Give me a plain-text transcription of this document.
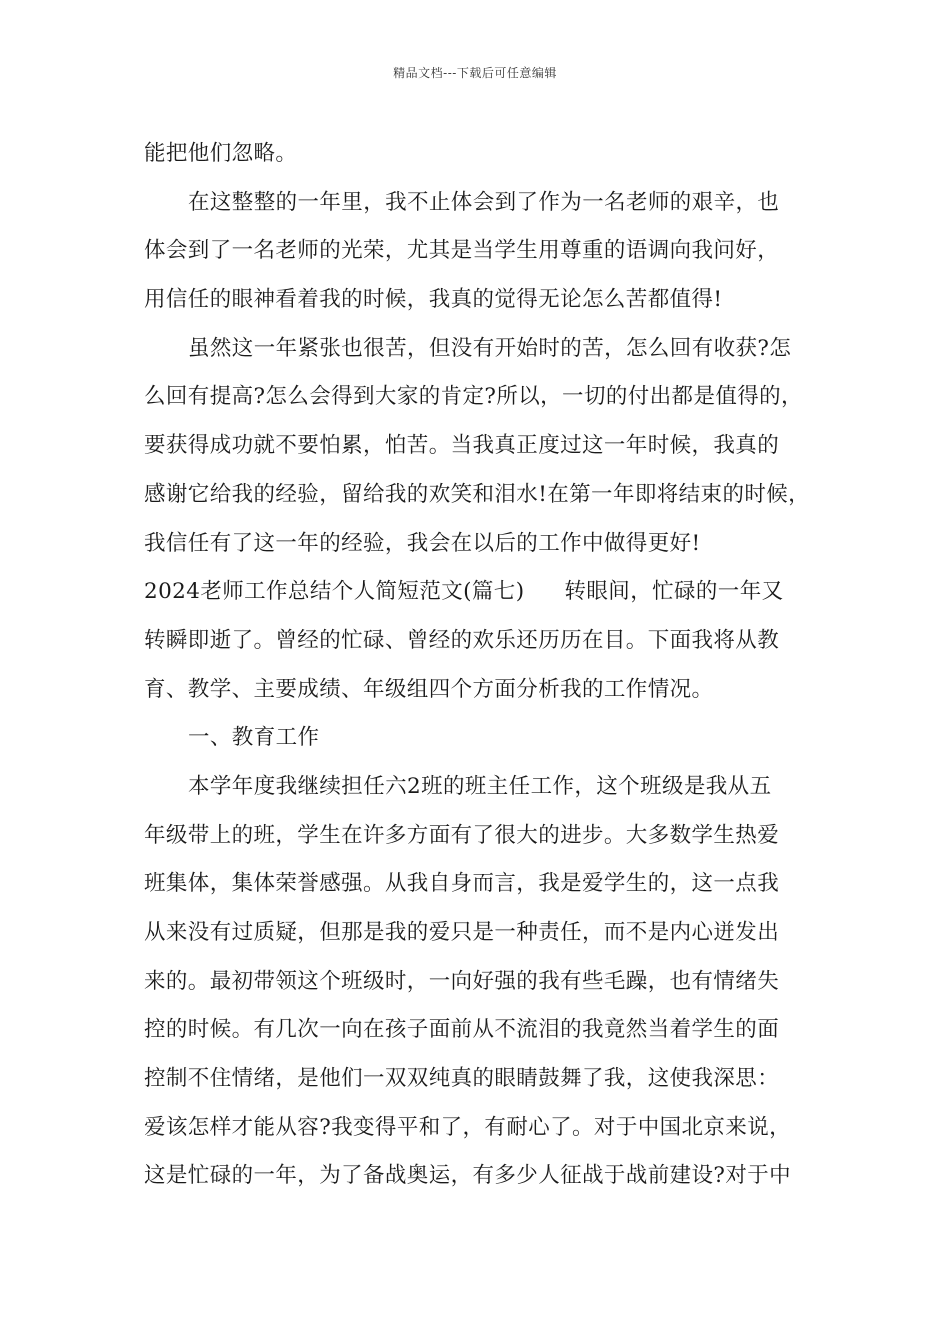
精品文档---下载后可任意编辑
能把他们忽略。
在这整整的一年里，我不止体会到了作为一名老师的艰辛，也
体会到了一名老师的光荣，尤其是当学生用尊重的语调向我问好，
用信任的眼神看着我的时候，我真的觉得无论怎么苦都值得!
虽然这一年紧张也很苦，但没有开始时的苦，怎么回有收获?怎
么回有提高?怎么会得到大家的肯定?所以，一切的付出都是值得的，
要获得成功就不要怕累，怕苦。当我真正度过这一年时候，我真的
感谢它给我的经验，留给我的欢笑和泪水!在第一年即将结束的时候，
我信任有了这一年的经验，我会在以后的工作中做得更好!
2024老师工作总结个人简短范文(篇七) 转眼间，忙碌的一年又
转瞬即逝了。曾经的忙碌、曾经的欢乐还历历在目。下面我将从教
育、教学、主要成绩、年级组四个方面分析我的工作情况。
一、教育工作
本学年度我继续担任六2班的班主任工作，这个班级是我从五
年级带上的班，学生在许多方面有了很大的进步。大多数学生热爱
班集体，集体荣誉感强。从我自身而言，我是爱学生的，这一点我
从来没有过质疑，但那是我的爱只是一种责任，而不是内心迸发出
来的。最初带领这个班级时，一向好强的我有些毛躁，也有情绪失
控的时候。有几次一向在孩子面前从不流泪的我竟然当着学生的面
控制不住情绪，是他们一双双纯真的眼睛鼓舞了我，这使我深思：
爱该怎样才能从容?我变得平和了，有耐心了。对于中国北京来说，
这是忙碌的一年，为了备战奥运，有多少人征战于战前建设?对于中
